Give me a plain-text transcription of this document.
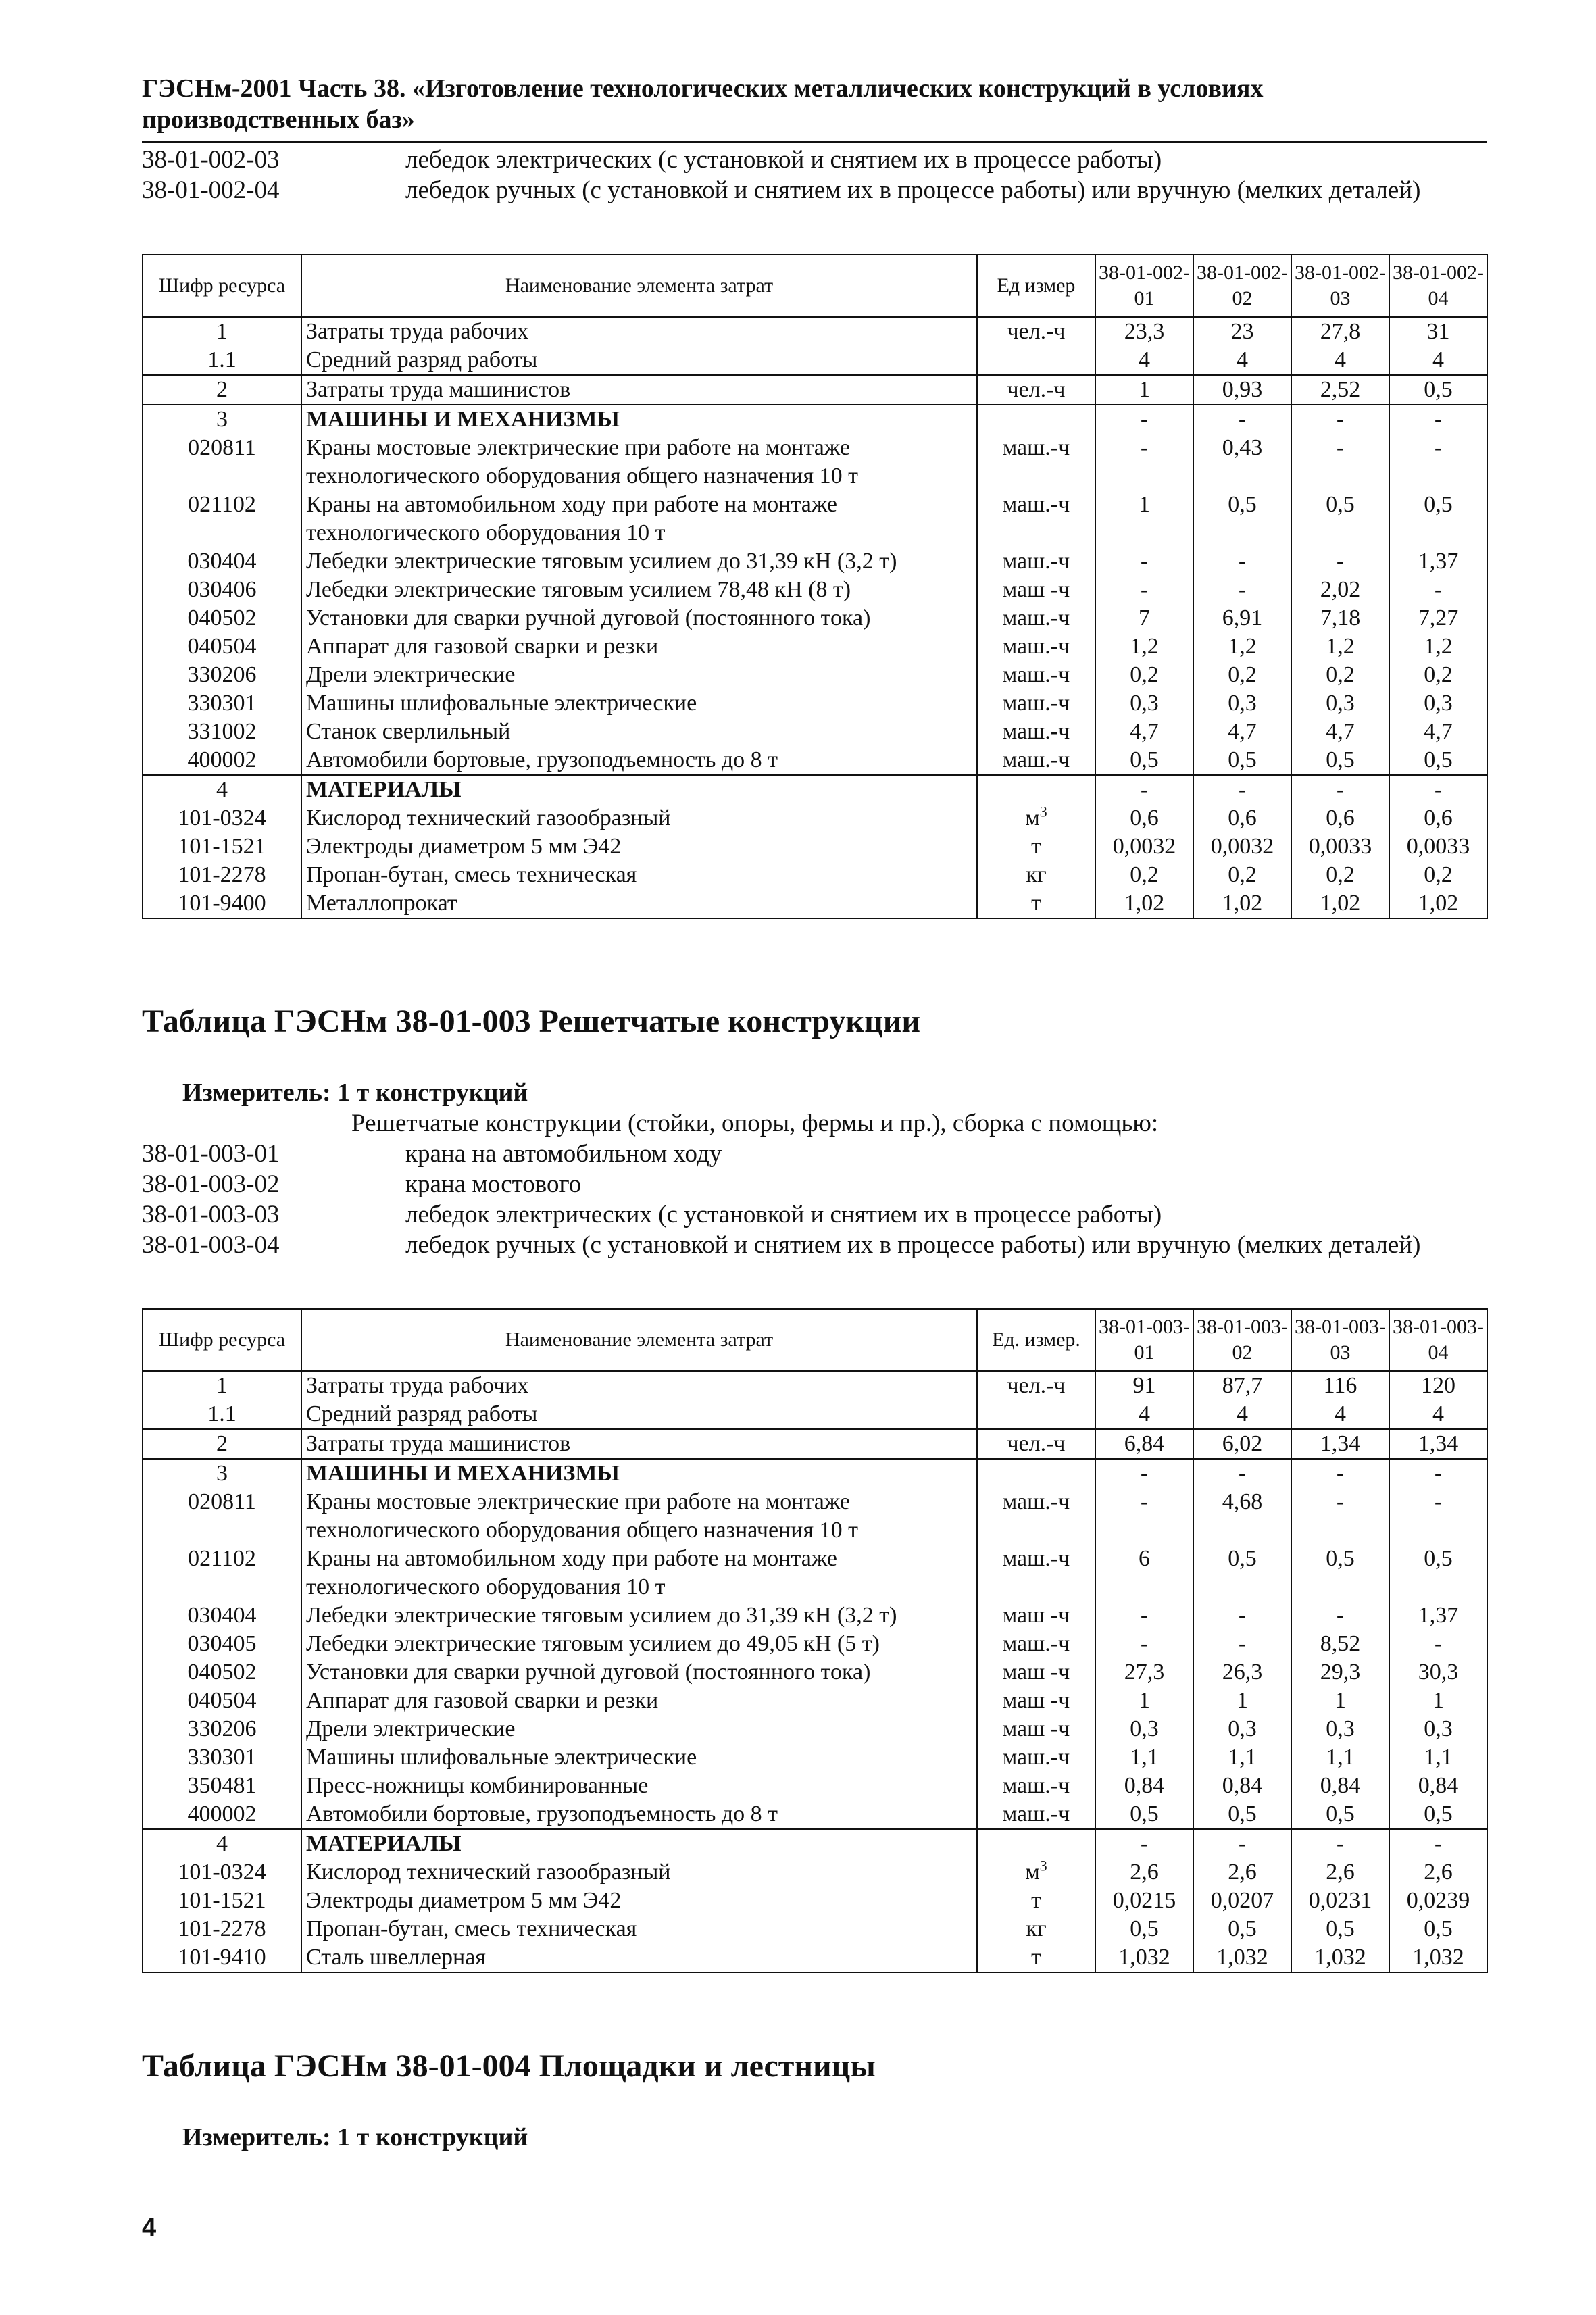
ГЭСНм-2001 Часть 38. «Изготовление технологических металлических конструкций в условиях производственных баз»
38-01-002-03	лебедок электрических (с установкой и снятием их в процессе работы)
38-01-002-04	лебедок ручных (с установкой и снятием их в процессе работы) или вручную (мелких деталей)
Шифр ресурса	Наименование элемента затрат	Ед измер	38-01-002-01	38-01-002-02	38-01-002-03	38-01-002-04
1	Затраты труда рабочих	чел.-ч	23,3	23	27,8	31
1.1	Средний разряд работы		4	4	4	4
2	Затраты труда машинистов	чел.-ч	1	0,93	2,52	0,5
3	МАШИНЫ И МЕХАНИЗМЫ		-	-	-	-
020811	Краны мостовые электрические при работе на монтаже технологического оборудования общего назначения 10 т	маш.-ч	-	0,43	-	-
021102	Краны на автомобильном ходу при работе на монтаже технологического оборудования 10 т	маш.-ч	1	0,5	0,5	0,5
030404	Лебедки электрические тяговым усилием до 31,39 кН (3,2 т)	маш.-ч	-	-	-	1,37
030406	Лебедки электрические тяговым усилием 78,48 кН (8 т)	маш -ч	-	-	2,02	-
040502	Установки для сварки ручной дуговой (постоянного тока)	маш.-ч	7	6,91	7,18	7,27
040504	Аппарат для газовой сварки и резки	маш.-ч	1,2	1,2	1,2	1,2
330206	Дрели электрические	маш.-ч	0,2	0,2	0,2	0,2
330301	Машины шлифовальные электрические	маш.-ч	0,3	0,3	0,3	0,3
331002	Станок сверлильный	маш.-ч	4,7	4,7	4,7	4,7
400002	Автомобили бортовые, грузоподъемность до 8 т	маш.-ч	0,5	0,5	0,5	0,5
4	МАТЕРИАЛЫ		-	-	-	-
101-0324	Кислород технический газообразный	$м^3$	0,6	0,6	0,6	0,6
101-1521	Электроды диаметром 5 мм Э42	т	0,0032	0,0032	0,0033	0,0033
101-2278	Пропан-бутан, смесь техническая	кг	0,2	0,2	0,2	0,2
101-9400	Металлопрокат	т	1,02	1,02	1,02	1,02
Таблица ГЭСНм 38-01-003 Решетчатые конструкции
Измеритель: 1 т конструкций
Решетчатые конструкции (стойки, опоры, фермы и пр.), сборка с помощью:
38-01-003-01	крана на автомобильном ходу
38-01-003-02	крана мостового
38-01-003-03	лебедок электрических (с установкой и снятием их в процессе работы)
38-01-003-04	лебедок ручных (с установкой и снятием их в процессе работы) или вручную (мелких деталей)
Шифр ресурса	Наименование элемента затрат	Ед. измер.	38-01-003-01	38-01-003-02	38-01-003-03	38-01-003-04
1	Затраты труда рабочих	чел.-ч	91	87,7	116	120
1.1	Средний разряд работы		4	4	4	4
2	Затраты труда машинистов	чел.-ч	6,84	6,02	1,34	1,34
3	МАШИНЫ И МЕХАНИЗМЫ		-	-	-	-
020811	Краны мостовые электрические при работе на монтаже технологического оборудования общего назначения 10 т	маш.-ч	-	4,68	-	-
021102	Краны на автомобильном ходу при работе на монтаже технологического оборудования 10 т	маш.-ч	6	0,5	0,5	0,5
030404	Лебедки электрические тяговым усилием до 31,39 кН (3,2 т)	маш -ч	-	-	-	1,37
030405	Лебедки электрические тяговым усилием до 49,05 кН (5 т)	маш.-ч	-	-	8,52	-
040502	Установки для сварки ручной дуговой (постоянного тока)	маш -ч	27,3	26,3	29,3	30,3
040504	Аппарат для газовой сварки и резки	маш -ч	1	1	1	1
330206	Дрели электрические	маш -ч	0,3	0,3	0,3	0,3
330301	Машины шлифовальные электрические	маш.-ч	1,1	1,1	1,1	1,1
350481	Пресс-ножницы комбинированные	маш.-ч	0,84	0,84	0,84	0,84
400002	Автомобили бортовые, грузоподъемность до 8 т	маш.-ч	0,5	0,5	0,5	0,5
4	МАТЕРИАЛЫ		-	-	-	-
101-0324	Кислород технический газообразный	$м^3$	2,6	2,6	2,6	2,6
101-1521	Электроды диаметром 5 мм Э42	т	0,0215	0,0207	0,0231	0,0239
101-2278	Пропан-бутан, смесь техническая	кг	0,5	0,5	0,5	0,5
101-9410	Сталь швеллерная	т	1,032	1,032	1,032	1,032
Таблица ГЭСНм 38-01-004 Площадки и лестницы
Измеритель: 1 т конструкций
4
